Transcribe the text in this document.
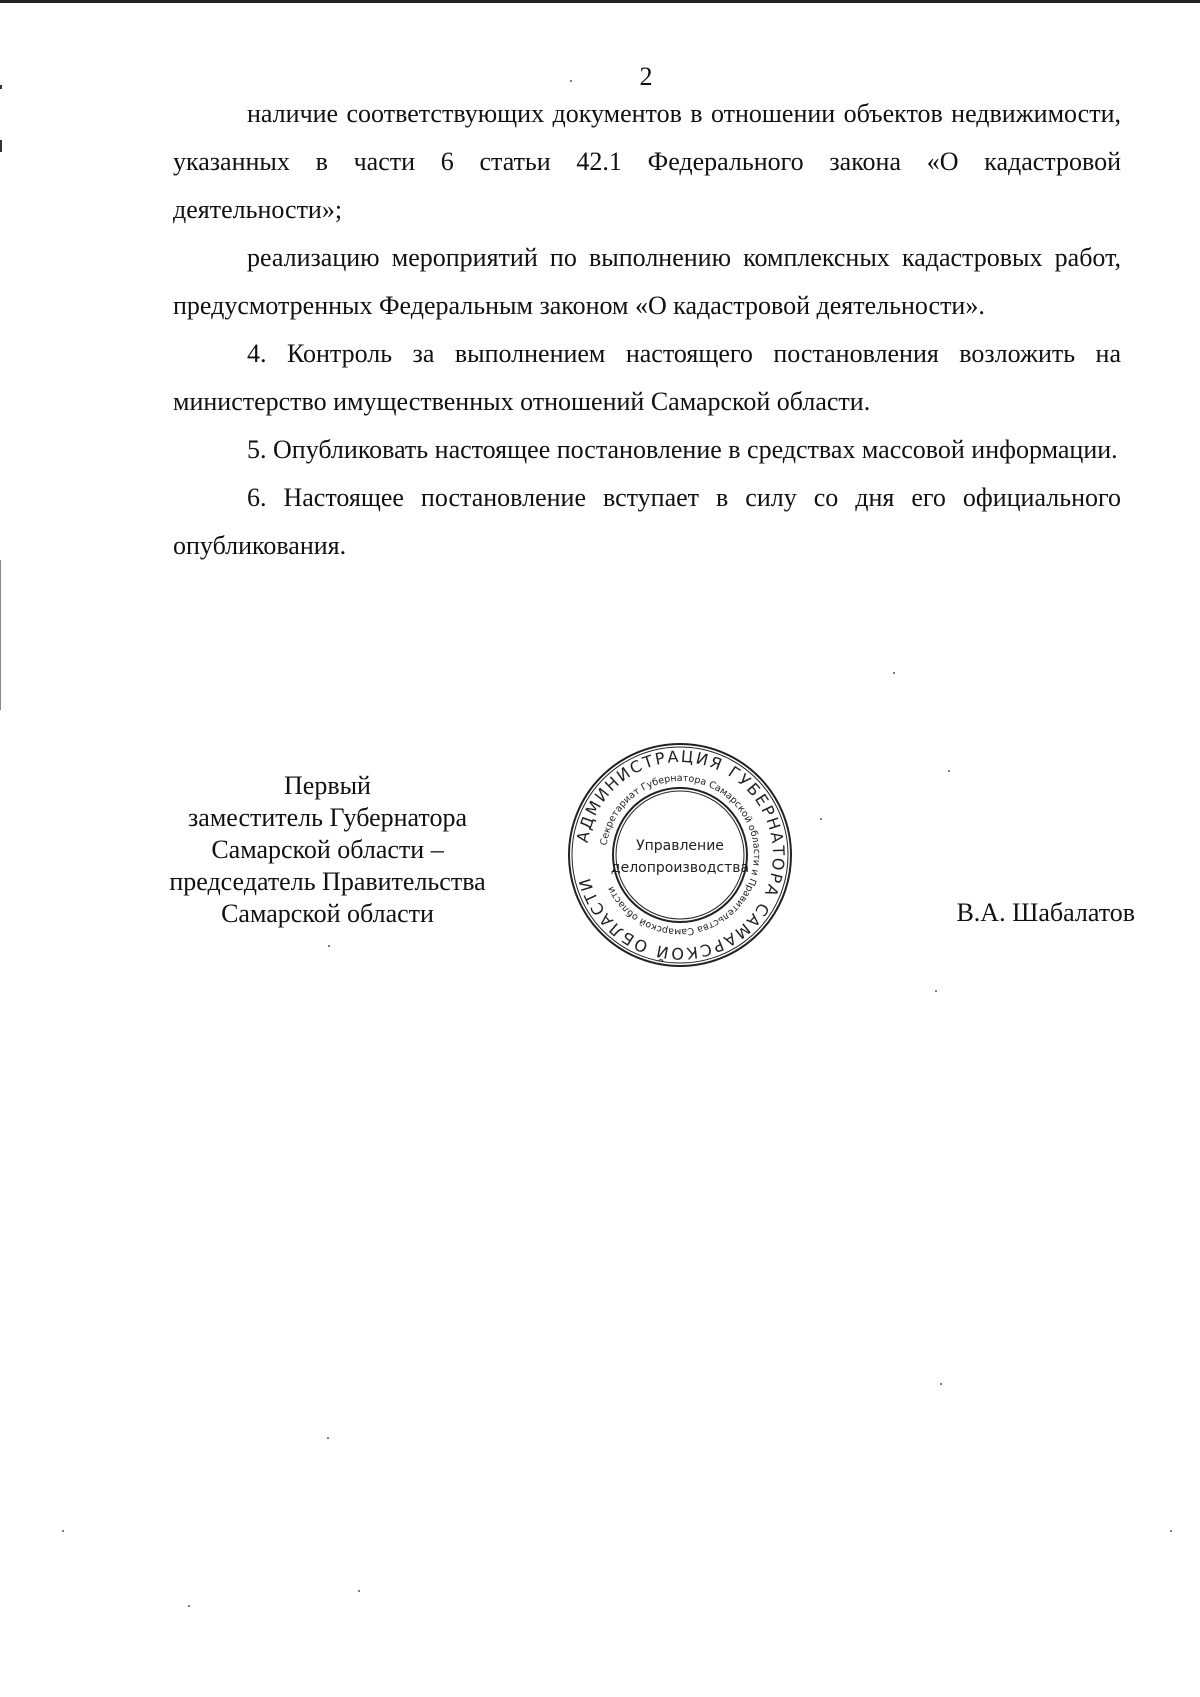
2

наличие соответствующих документов в отношении объектов недвижимости, указанных в части 6 статьи 42.1 Федерального закона «О кадастровой деятельности»;

реализацию мероприятий по выполнению комплексных кадастровых работ, предусмотренных Федеральным законом «О кадастровой деятельности».

4. Контроль за выполнением настоящего постановления возложить на министерство имущественных отношений Самарской области.

5. Опубликовать настоящее постановление в средствах массовой информации.

6. Настоящее постановление вступает в силу со дня его официального опубликования.

Первый
заместитель Губернатора
Самарской области –
председатель Правительства
Самарской области
АДМИНИСТРАЦИЯ ГУБЕРНАТОРА САМАРСКОЙ ОБЛАСТИ
Секретариат Губернатора Самарской области и Правительства Самарской области
Управление
делопроизводства
В.А. Шабалатов
